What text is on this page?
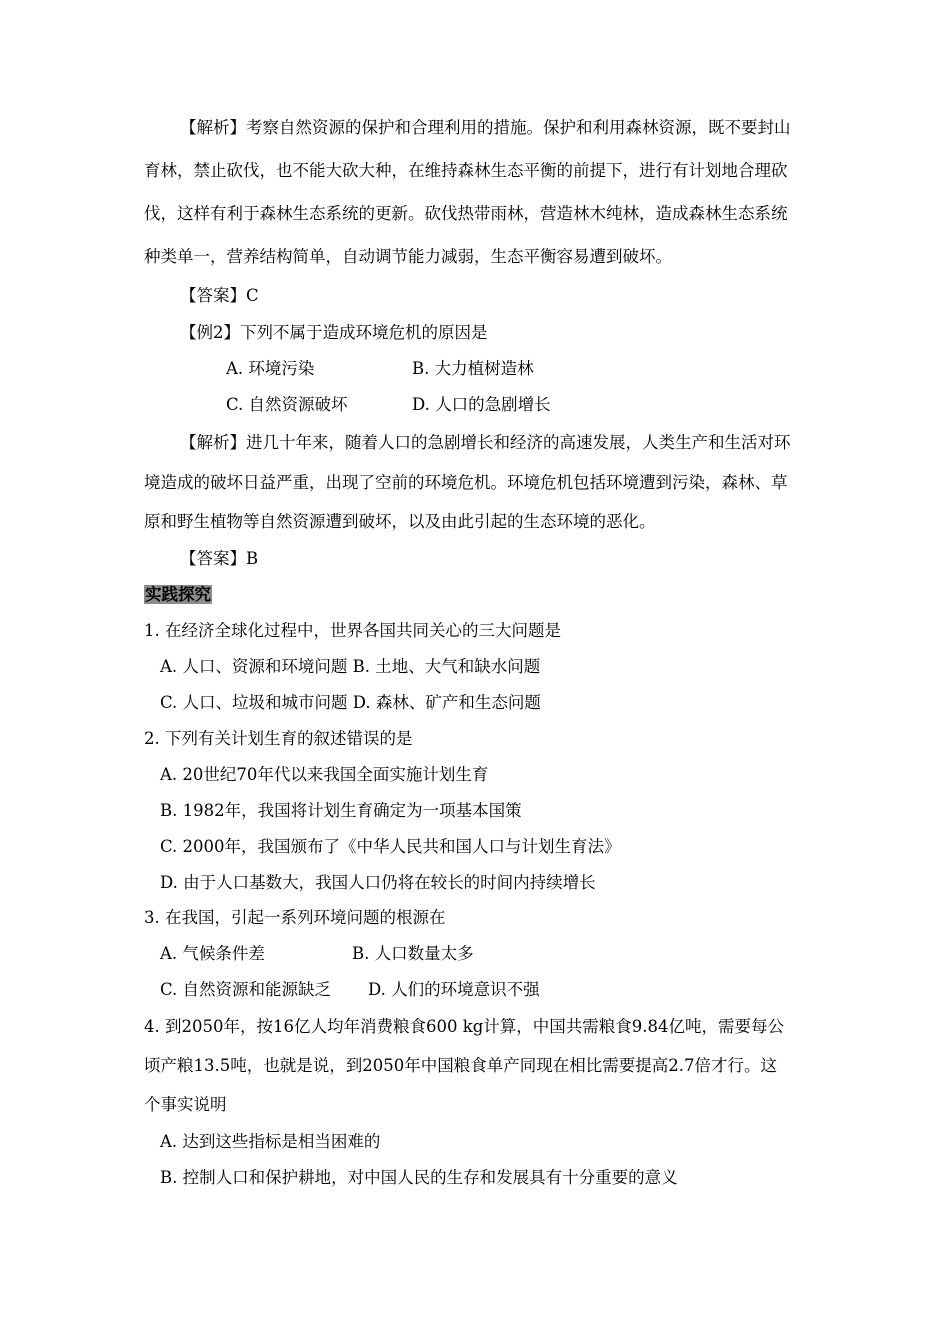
【解析】考察自然资源的保护和合理利用的措施。保护和利用森林资源，既不要封山
育林，禁止砍伐，也不能大砍大种，在维持森林生态平衡的前提下，进行有计划地合理砍
伐，这样有利于森林生态系统的更新。砍伐热带雨林，营造林木纯林，造成森林生态系统
种类单一，营养结构简单，自动调节能力减弱，生态平衡容易遭到破坏。
【答案】C
【例2】下列不属于造成环境危机的原因是
A. 环境污染	B. 大力植树造林
C. 自然资源破坏	D. 人口的急剧增长
【解析】进几十年来，随着人口的急剧增长和经济的高速发展，人类生产和生活对环
境造成的破坏日益严重，出现了空前的环境危机。环境危机包括环境遭到污染，森林、草
原和野生植物等自然资源遭到破坏，以及由此引起的生态环境的恶化。
【答案】B
实践探究
1. 在经济全球化过程中，世界各国共同关心的三大问题是
A. 人口、资源和环境问题 B. 土地、大气和缺水问题
C. 人口、垃圾和城市问题 D. 森林、矿产和生态问题
2. 下列有关计划生育的叙述错误的是
A. 20世纪70年代以来我国全面实施计划生育
B. 1982年，我国将计划生育确定为一项基本国策
C. 2000年，我国颁布了《中华人民共和国人口与计划生育法》
D. 由于人口基数大，我国人口仍将在较长的时间内持续增长
3. 在我国，引起一系列环境问题的根源在
A. 气候条件差	B. 人口数量太多
C. 自然资源和能源缺乏 D. 人们的环境意识不强
4. 到2050年，按16亿人均年消费粮食600 kg计算，中国共需粮食9.84亿吨，需要每公
顷产粮13.5吨，也就是说，到2050年中国粮食单产同现在相比需要提高2.7倍才行。这
个事实说明
A. 达到这些指标是相当困难的
B. 控制人口和保护耕地，对中国人民的生存和发展具有十分重要的意义
